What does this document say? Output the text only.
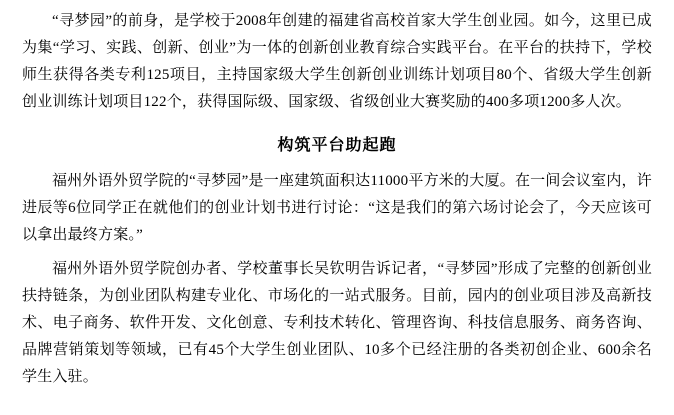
“寻梦园”的前身，是学校于2008年创建的福建省高校首家大学生创业园。如今，这里已成为集“学习、实践、创新、创业”为一体的创新创业教育综合实践平台。在平台的扶持下，学校师生获得各类专利125项目，主持国家级大学生创新创业训练计划项目80个、省级大学生创新创业训练计划项目122个，获得国际级、国家级、省级创业大赛奖励的400多项1200多人次。

构筑平台助起跑

福州外语外贸学院的“寻梦园”是一座建筑面积达11000平方米的大厦。在一间会议室内，许进辰等6位同学正在就他们的创业计划书进行讨论：“这是我们的第六场讨论会了，今天应该可以拿出最终方案。”

福州外语外贸学院创办者、学校董事长吴钦明告诉记者，“寻梦园”形成了完整的创新创业扶持链条，为创业团队构建专业化、市场化的一站式服务。目前，园内的创业项目涉及高新技术、电子商务、软件开发、文化创意、专利技术转化、管理咨询、科技信息服务、商务咨询、品牌营销策划等领域，已有45个大学生创业团队、10多个已经注册的各类初创企业、600余名学生入驻。
